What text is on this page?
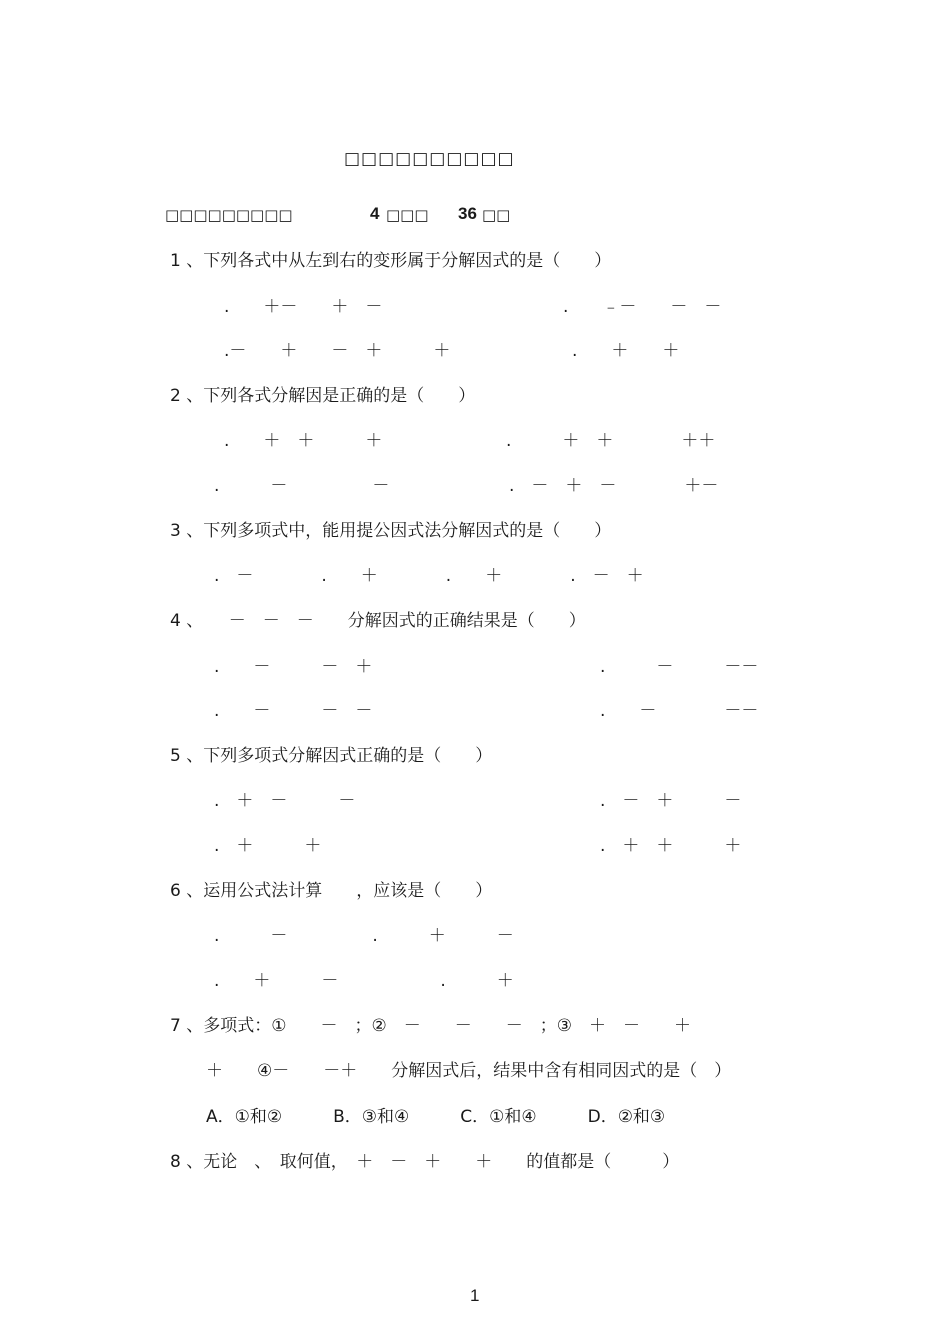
□□□□□□□□□□
□□□□□□□□□	4 □□□ 36 □□
1 、下列各式中从左到右的变形属于分解因式的是（　　）
.　　＋－　　＋　－	.　　﹣－　　－　－
.－　　＋　　－　＋　　　＋	.　　＋　　＋
2 、下列各式分解因是正确的是（　　）
.　　＋　＋　　　＋	.　　　＋　＋　　　　＋＋
.　　　－　　　　　－	.　－　＋　－　　　　＋－
3 、下列多项式中，能用提公因式法分解因式的是（　　）
.　－　　　　.　　＋　　　　.　　＋　　　　.　－　＋
4 、　　－　－　－　　分解因式的正确结果是（　　）
.　　－　　　－　＋	.　　　－　　　－－
.　　－　　　－　－	.　　－　　　　－－
5 、下列多项式分解因式正确的是（　　）
.　＋　－　　　－	.　－　＋　　　－
.　＋　　　＋	.　＋　＋　　　＋
6 、运用公式法计算　　，应该是（　　）
.　　　－　　　　　.　　　＋　　　－
.　　＋　　　－　　　　　　.　　　＋
7 、多项式：①　　－　；②　－　　－　　－　；③　＋　－　　＋
＋　　④－　　－＋　　分解因式后，结果中含有相同因式的是（　）
A．①和②　　　B．③和④　　　C．①和④　　　D．②和③
8 、无论　、　取何值，　＋　－　＋　　＋　　的值都是（　　　）
1
